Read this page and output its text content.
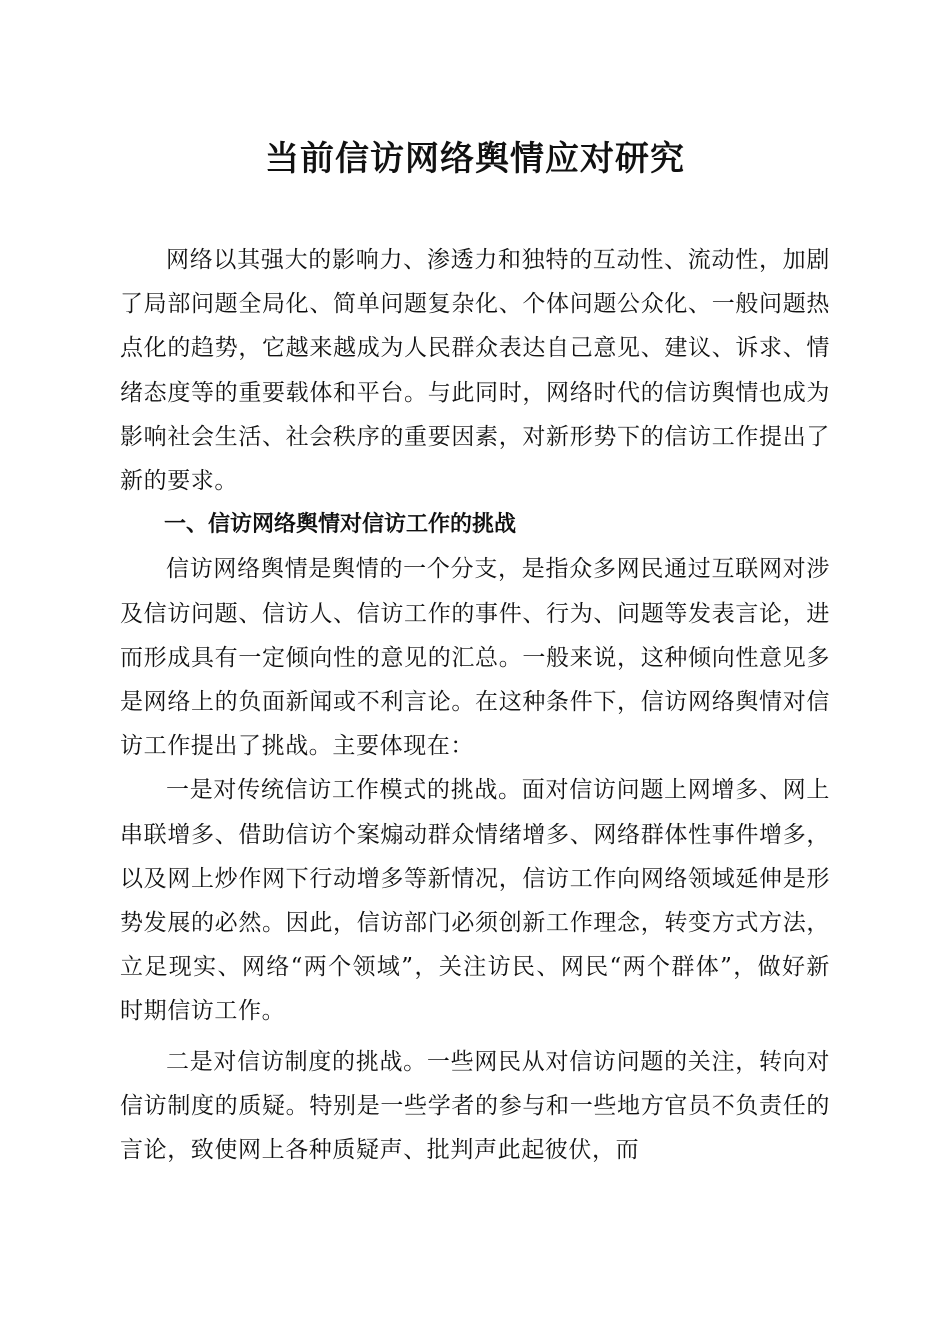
当前信访网络舆情应对研究

网络以其强大的影响力、渗透力和独特的互动性、流动性，加剧了局部问题全局化、简单问题复杂化、个体问题公众化、一般问题热点化的趋势，它越来越成为人民群众表达自己意见、建议、诉求、情绪态度等的重要载体和平台。与此同时，网络时代的信访舆情也成为影响社会生活、社会秩序的重要因素，对新形势下的信访工作提出了新的要求。

一、信访网络舆情对信访工作的挑战

信访网络舆情是舆情的一个分支，是指众多网民通过互联网对涉及信访问题、信访人、信访工作的事件、行为、问题等发表言论，进而形成具有一定倾向性的意见的汇总。一般来说，这种倾向性意见多是网络上的负面新闻或不利言论。在这种条件下，信访网络舆情对信访工作提出了挑战。主要体现在：

一是对传统信访工作模式的挑战。面对信访问题上网增多、网上串联增多、借助信访个案煽动群众情绪增多、网络群体性事件增多，以及网上炒作网下行动增多等新情况，信访工作向网络领域延伸是形势发展的必然。因此，信访部门必须创新工作理念，转变方式方法，立足现实、网络“两个领域”，关注访民、网民“两个群体”，做好新时期信访工作。

二是对信访制度的挑战。一些网民从对信访问题的关注，转向对信访制度的质疑。特别是一些学者的参与和一些地方官员不负责任的言论，致使网上各种质疑声、批判声此起彼伏，而
